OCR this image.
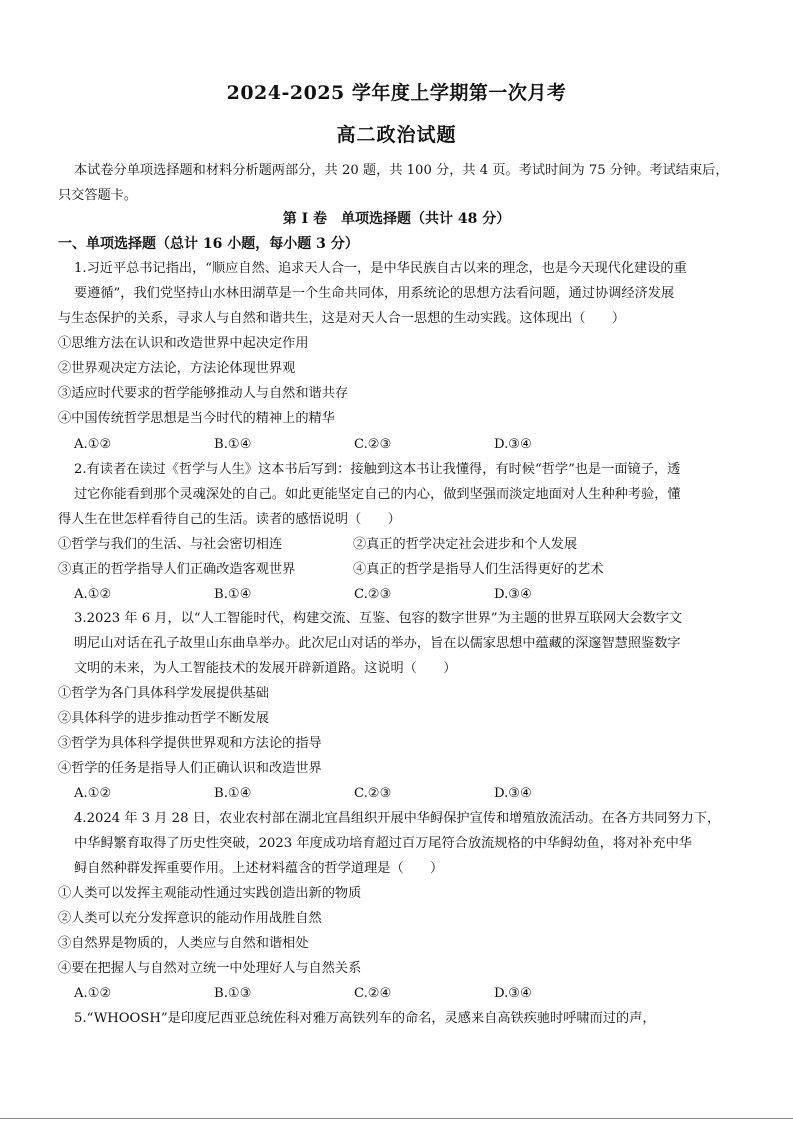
2024-2025 学年度上学期第一次月考
高二政治试题
本试卷分单项选择题和材料分析题两部分，共 20 题，共 100 分，共 4 页。考试时间为 75 分钟。考试结束后，
只交答题卡。
第 Ⅰ 卷　单项选择题（共计 48 分）
一、单项选择题（总计 16 小题，每小题 3 分）
1.习近平总书记指出，“顺应自然、追求天人合一，是中华民族自古以来的理念，也是今天现代化建设的重
要遵循”，我们党坚持山水林田湖草是一个生命共同体，用系统论的思想方法看问题，通过协调经济发展
与生态保护的关系，寻求人与自然和谐共生，这是对天人合一思想的生动实践。这体现出（　　）
①思维方法在认识和改造世界中起决定作用
②世界观决定方法论，方法论体现世界观
③适应时代要求的哲学能够推动人与自然和谐共存
④中国传统哲学思想是当今时代的精神上的精华
A.①②	B.①④	C.②③	D.③④
2.有读者在读过《哲学与人生》这本书后写到：接触到这本书让我懂得，有时候“哲学”也是一面镜子，透
过它你能看到那个灵魂深处的自己。如此更能坚定自己的内心，做到坚强而淡定地面对人生种种考验，懂
得人生在世怎样看待自己的生活。读者的感悟说明（　　）
①哲学与我们的生活、与社会密切相连	②真正的哲学决定社会进步和个人发展
③真正的哲学指导人们正确改造客观世界	④真正的哲学是指导人们生活得更好的艺术
A.①②	B.①④	C.②③	D.③④
3.2023 年 6 月，以“人工智能时代，构建交流、互鉴、包容的数字世界”为主题的世界互联网大会数字文
明尼山对话在孔子故里山东曲阜举办。此次尼山对话的举办，旨在以儒家思想中蕴藏的深邃智慧照鉴数字
文明的未来，为人工智能技术的发展开辟新道路。这说明（　　）
①哲学为各门具体科学发展提供基础
②具体科学的进步推动哲学不断发展
③哲学为具体科学提供世界观和方法论的指导
④哲学的任务是指导人们正确认识和改造世界
A.①②	B.①④	C.②③	D.③④
4.2024 年 3 月 28 日，农业农村部在湖北宜昌组织开展中华鲟保护宣传和增殖放流活动。在各方共同努力下，
中华鲟繁育取得了历史性突破，2023 年度成功培育超过百万尾符合放流规格的中华鲟幼鱼，将对补充中华
鲟自然种群发挥重要作用。上述材料蕴含的哲学道理是（　　）
①人类可以发挥主观能动性通过实践创造出新的物质
②人类可以充分发挥意识的能动作用战胜自然
③自然界是物质的，人类应与自然和谐相处
④要在把握人与自然对立统一中处理好人与自然关系
A.①②	B.①③	C.②④	D.③④
5.“WHOOSH”是印度尼西亚总统佐科对雅万高铁列车的命名，灵感来自高铁疾驰时呼啸而过的声，
